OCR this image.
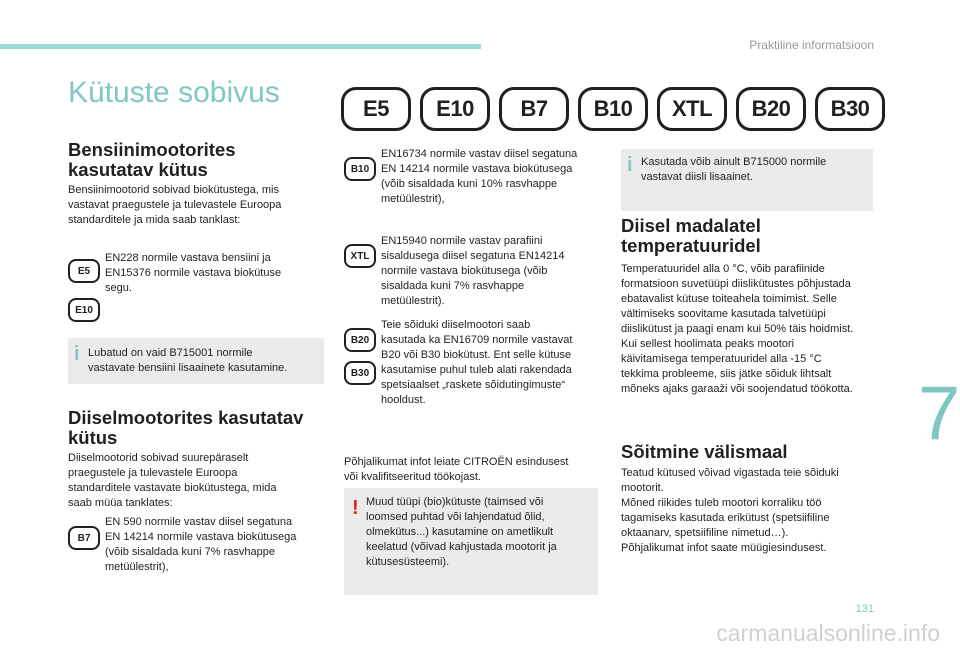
Praktiline informatsioon
Kütuste sobivus	E5	E10	B7	B10	XTL	B20	B30

Bensiinimootorites

kasutatav kütus

Bensiinimootorid sobivad biokütustega, mis

vastavat praegustele ja tulevastele Euroopa

standarditele ja mida saab tanklast:

E5
E10

EN228 normile vastava bensiini ja

EN15376 normile vastava biokütuse

segu.

i Lubatud on vaid B715001 normile
vastavate bensiini lisaainete kasutamine.

Diiselmootorites kasutatav

kütus

Diiselmootorid sobivad suurepäraselt

praegustele ja tulevastele Euroopa

standarditele vastavate biokütustega, mida

saab müüa tanklates:

B7

EN 590 normile vastav diisel segatuna

EN 14214 normile vastava biokütusega

(võib sisaldada kuni 7% rasvhappe

metüülestrit),

B10

EN16734 normile vastav diisel segatuna

EN 14214 normile vastava biokütusega

(võib sisaldada kuni 10% rasvhappe

metüülestrit),

XTL

EN15940 normile vastav parafiini

sisaldusega diisel segatuna EN14214

normile vastava biokütusega (võib

sisaldada kuni 7% rasvhappe

metüülestrit).

B20
B30

Teie sõiduki diiselmootori saab

kasutada ka EN16709 normile vastavat

B20 või B30 biokütust. Ent selle kütuse

kasutamise puhul tuleb alati rakendada

spetsiaalset „raskete sõidutingimuste“

hooldust.

Põhjalikumat infot leiate CITROËN esindusest

või kvalifitseeritud töökojast.

! Muud tüüpi (bio)kütuste (taimsed või
loomsed puhtad või lahjendatud õlid,
olmekütus...) kasutamine on ametlikult
keelatud (võivad kahjustada mootorit ja
kütusesüsteemi).
i Kasutada võib ainult B715000 normile
vastavat diisli lisaainet.

Diisel madalatel

temperatuuridel

Temperatuuridel alla 0 °C, võib parafiinide

formatsioon suvetüüpi diislikütustes põhjustada

ebatavalist kütuse toiteahela toimimist. Selle

vältimiseks soovitame kasutada talvetüüpi

diislikütust ja paagi enam kui 50% täis hoidmist.

Kui sellest hoolimata peaks mootori

käivitamisega temperatuuridel alla -15 °C

tekkima probleeme, siis jätke sõiduk lihtsalt

mõneks ajaks garaaži või soojendatud töökotta.

Sõitmine välismaal

Teatud kütused võivad vigastada teie sõiduki

mootorit.

Mõned riikides tuleb mootori korraliku töö

tagamiseks kasutada erikütust (spetsiifiline

oktaanarv, spetsiifiline nimetud…).

Põhjalikumat infot saate müügiesindusest.

7
131
carmanualsonline.info
